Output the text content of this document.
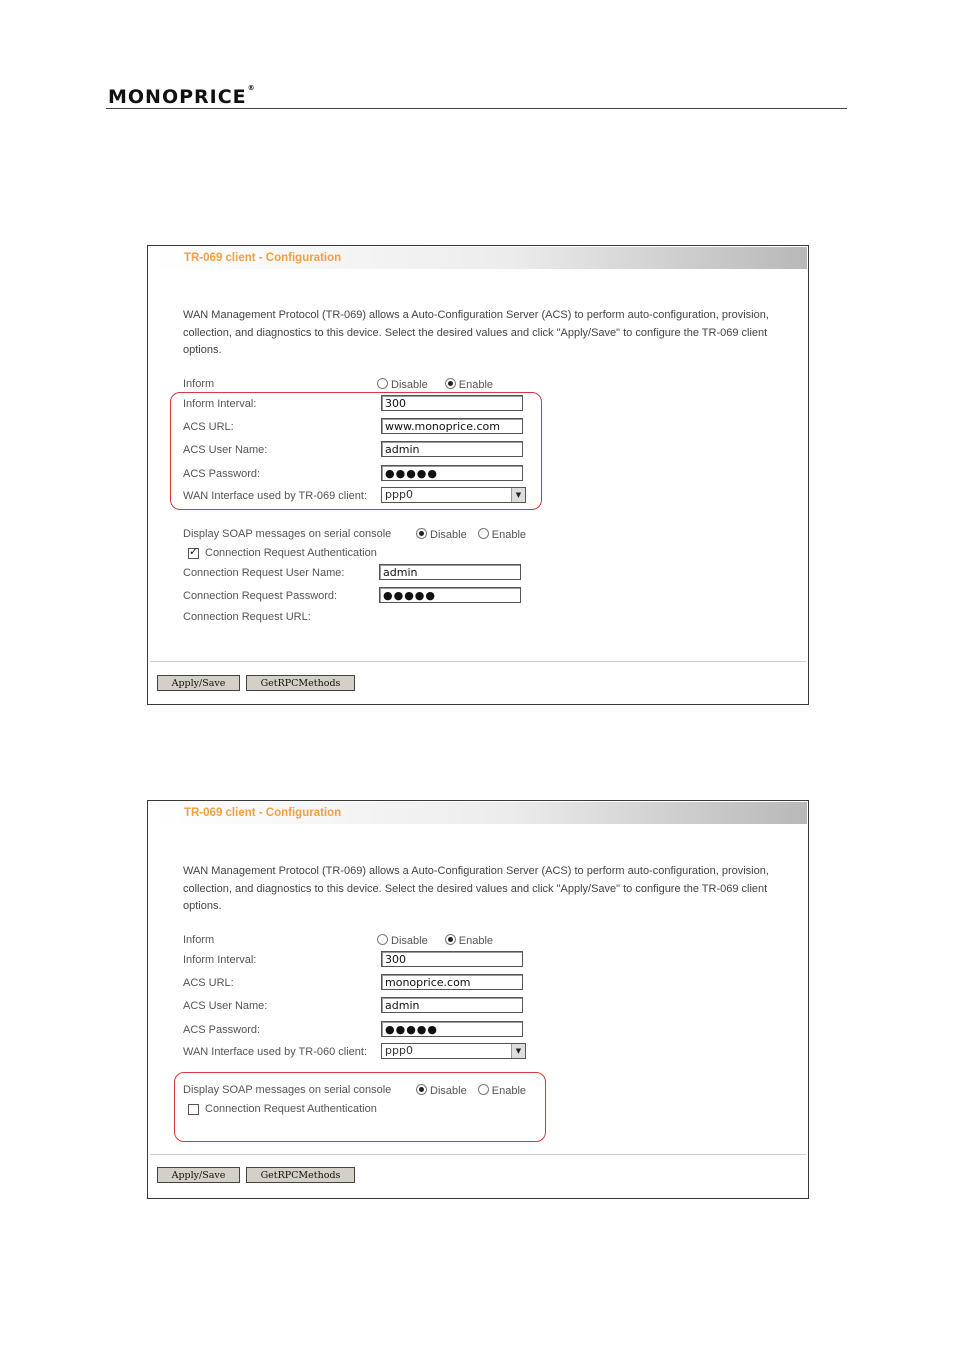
MONOPRICE®
TR-069 client - Configuration
WAN Management Protocol (TR-069) allows a Auto-Configuration Server (ACS) to perform auto-configuration, provision, collection, and diagnostics to this device. Select the desired values and click "Apply/Save" to configure the TR-069 client options.
Inform	Disable	Enable
Inform Interval:	300
ACS URL:	www.monoprice.com
ACS User Name:	admin
ACS Password:	●●●●●
WAN Interface used by TR-069 client:	ppp0	▼
Display SOAP messages on serial console	Disable Enable
✓
Connection Request Authentication
Connection Request User Name:	admin
Connection Request Password:	●●●●●
Connection Request URL:
Apply/Save	GetRPCMethods
TR-069 client - Configuration
WAN Management Protocol (TR-069) allows a Auto-Configuration Server (ACS) to perform auto-configuration, provision, collection, and diagnostics to this device. Select the desired values and click "Apply/Save" to configure the TR-069 client options.
Inform	Disable	Enable
Inform Interval:	300
ACS URL:	monoprice.com
ACS User Name:	admin
ACS Password:	●●●●●
WAN Interface used by TR-060 client:	ppp0	▼
Display SOAP messages on serial console	Disable Enable
Connection Request Authentication
Apply/Save	GetRPCMethods
